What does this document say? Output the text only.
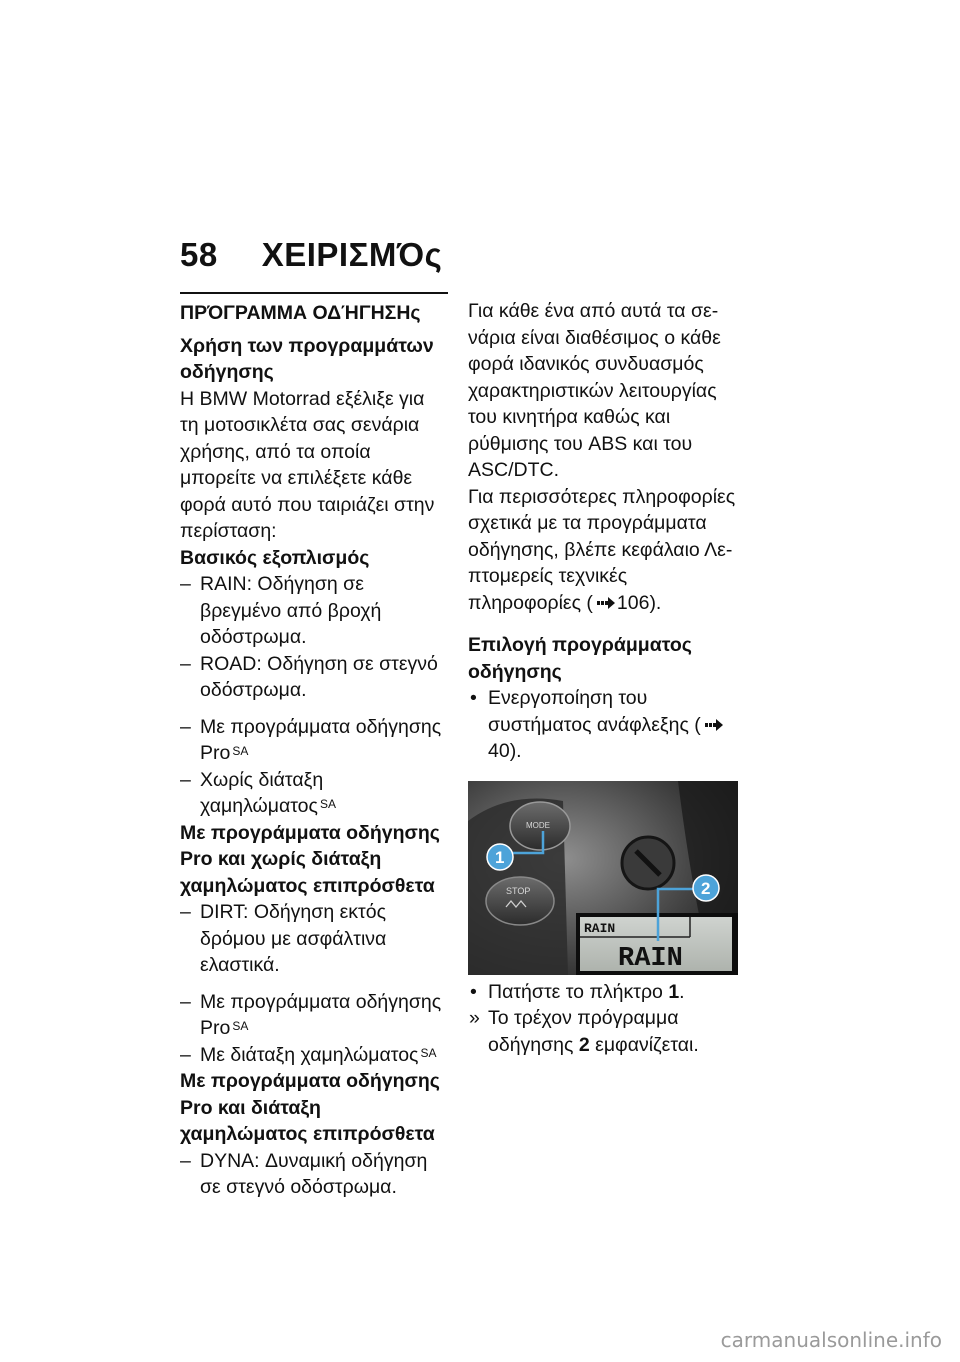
58 ΧΕΙΡΙΣΜΌς
ΠΡΌΓΡΑΜΜΑ ΟΔΉΓΗΣΗς

Χρήση των προγραμμάτων οδήγησης

Η BMW Motorrad εξέλιξε για τη μοτοσικλέτα σας σενάρια χρήσης, από τα οποία μπορείτε να επιλέξετε κάθε φορά αυτό που ταιριάζει στην περίσταση:

Βασικός εξοπλισμός

– RAIN: Οδήγηση σε βρεγμένο από βροχή οδόστρωμα.

– ROAD: Οδήγηση σε στεγνό οδόστρωμα.

– Με προγράμματα οδήγησης Pro $^{SA}$

– Χωρίς διάταξη χαμηλώματος $^{SA}$

Με προγράμματα οδήγησης Pro και χωρίς διάταξη χαμηλώματος επιπρόσθετα

– DIRT: Οδήγηση εκτός δρόμου με ασφάλτινα ελαστικά.

– Με προγράμματα οδήγησης Pro $^{SA}$

– Με διάταξη χαμηλώματος $^{SA}$

Με προγράμματα οδήγησης Pro και διάταξη χαμηλώματος επιπρόσθετα

– DYNA: Δυναμική οδήγηση σε στεγνό οδόστρωμα.

Για κάθε ένα από αυτά τα σενάρια είναι διαθέσιμος ο κάθε φορά ιδανικός συνδυασμός χαρακτηριστικών λειτουργίας του κινητήρα καθώς και ρύθμισης του ABS και του ASC/DTC.

Για περισσότερες πληροφορίες σχετικά με τα προγράμματα οδήγησης, βλέπε κεφάλαιο Λεπτομερείς τεχνικές πληροφορίες ( 106).

Επιλογή προγράμματος οδήγησης

• Ενεργοποίηση του συστήματος ανάφλεξης (40).

MODE
STOP
RAIN
RAIN
1
2

• Πατήστε το πλήκτρο 1.

» Το τρέχον πρόγραμμα οδήγησης 2 εμφανίζεται.

carmanualsonline.info
